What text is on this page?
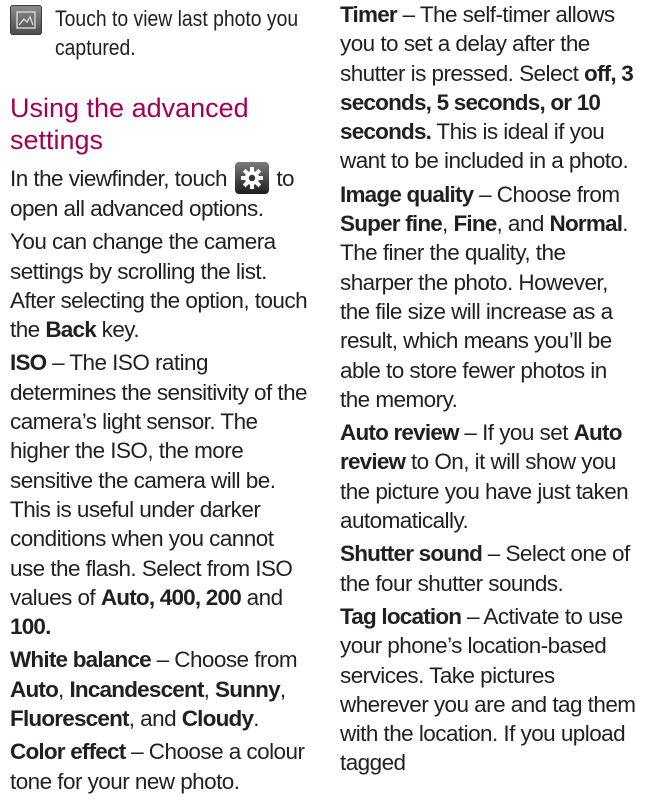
Touch to view last photo you
captured.
Using the advanced
settings

In the viewfinder, touch to
open all advanced options.

You can change the camera settings by scrolling the list. After selecting the option, touch the Back key.

ISO – The ISO rating determines the sensitivity of the camera’s light sensor. The higher the ISO, the more sensitive the camera will be. This is useful under darker conditions when you cannot use the flash. Select from ISO values of Auto, 400, 200 and 100.

White balance – Choose from Auto, Incandescent, Sunny, Fluorescent, and Cloudy.

Color effect – Choose a colour tone for your new photo.

Timer – The self-timer allows you to set a delay after the shutter is pressed. Select off, 3 seconds, 5 seconds, or 10 seconds. This is ideal if you want to be included in a photo.

Image quality – Choose from Super fine, Fine, and Normal. The finer the quality, the sharper the photo. However, the file size will increase as a result, which means you’ll be able to store fewer photos in the memory.

Auto review – If you set Auto review to On, it will show you the picture you have just taken automatically.

Shutter sound – Select one of the four shutter sounds.

Tag location – Activate to use your phone’s location-based services. Take pictures wherever you are and tag them with the location. If you upload tagged
